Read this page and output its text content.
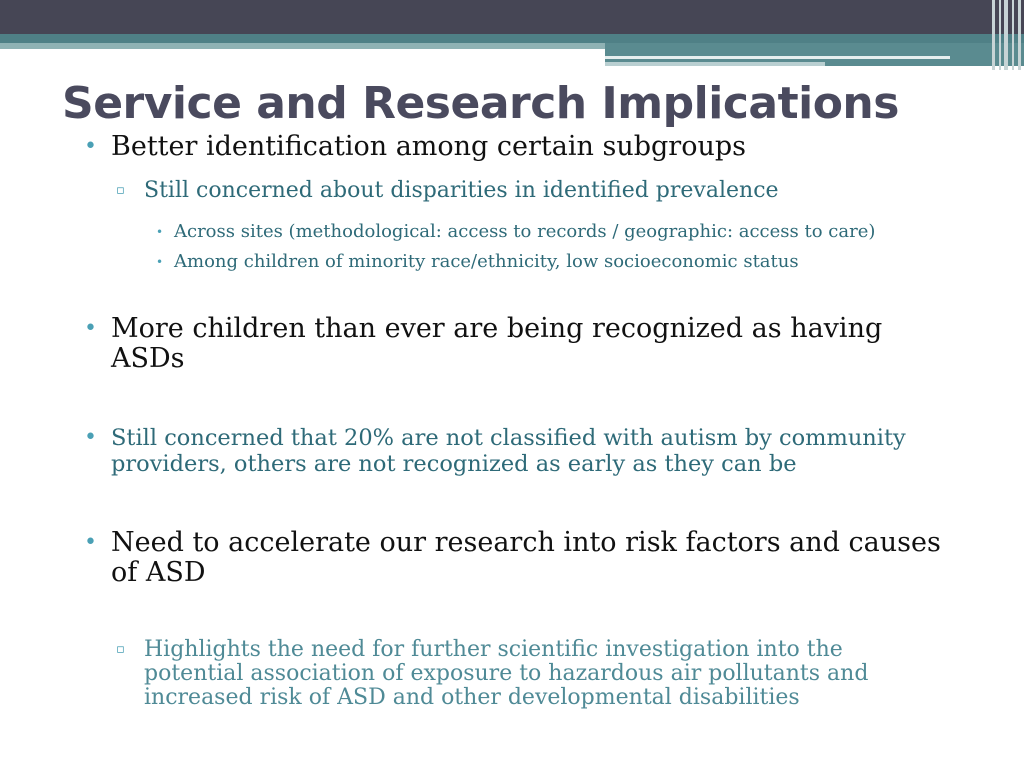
Service and Research Implications
• Better identification among certain subgroups
▫ Still concerned about disparities in identified prevalence
• Across sites (methodological: access to records / geographic: access to care)
• Among children of minority race/ethnicity, low socioeconomic status
• More children than ever are being recognized as having ASDs
• Still concerned that 20% are not classified with autism by community providers, others are not recognized as early as they can be
• Need to accelerate our research into risk factors and causes of ASD
▫ Highlights the need for further scientific investigation into the potential association of exposure to hazardous air pollutants and increased risk of ASD and other developmental disabilities
